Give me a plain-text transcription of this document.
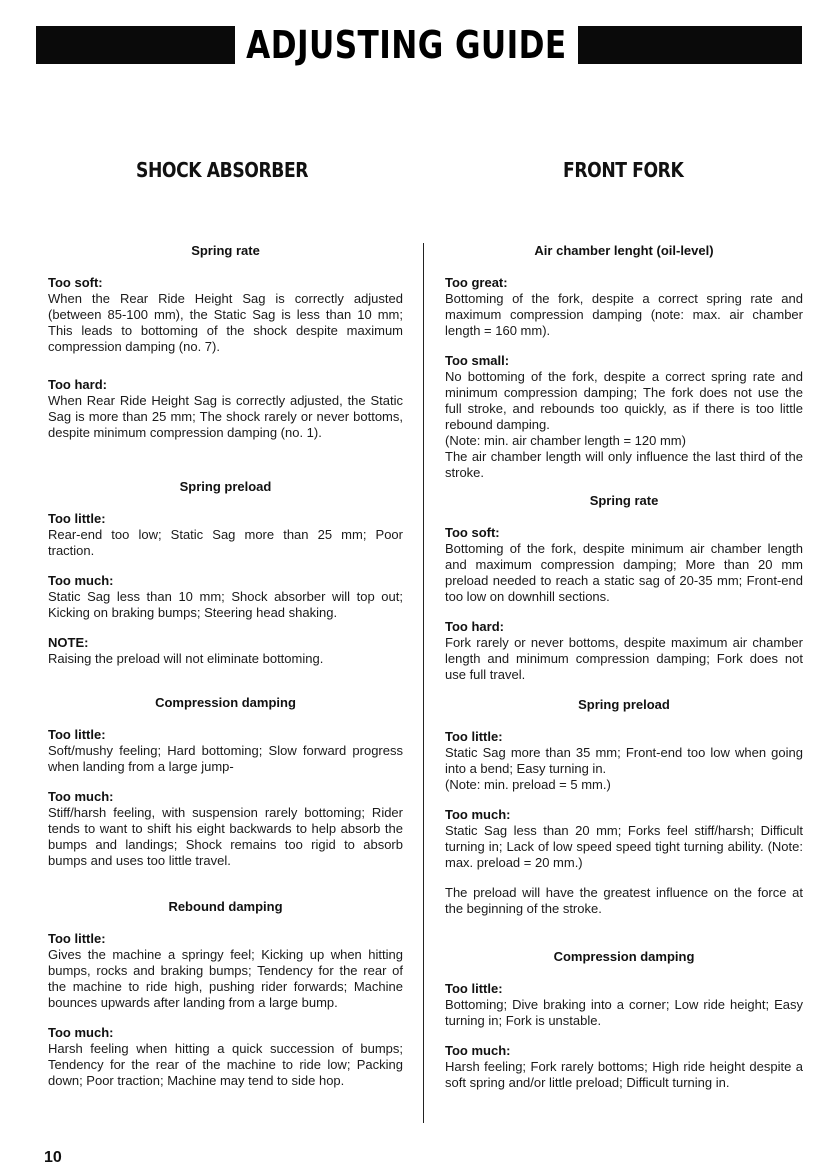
ADJUSTING GUIDE
SHOCK ABSORBER	FRONT FORK
Spring rate

Too soft:

When the Rear Ride Height Sag is correctly adjusted (between 85-100 mm), the Static Sag is less than 10 mm; This leads to bottoming of the shock despite maximum compression damping (no. 7).

Too hard:

When Rear Ride Height Sag is correctly adjusted, the Static Sag is more than 25 mm; The shock rarely or never bottoms, despite minimum compression damping (no. 1).

Spring preload

Too little:

Rear-end too low; Static Sag more than 25 mm; Poor traction.

Too much:

Static Sag less than 10 mm; Shock absorber will top out; Kicking on braking bumps; Steering head shaking.

NOTE:

Raising the preload will not eliminate bottoming.

Compression damping

Too little:

Soft/mushy feeling; Hard bottoming; Slow forward progress when landing from a large jump-

Too much:

Stiff/harsh feeling, with suspension rarely bottoming; Rider tends to want to shift his eight backwards to help absorb the bumps and landings; Shock remains too rigid to absorb bumps and uses too little travel.

Rebound damping

Too little:

Gives the machine a springy feel; Kicking up when hitting bumps, rocks and braking bumps; Tendency for the rear of the machine to ride high, pushing rider forwards; Machine bounces upwards after landing from a large bump.

Too much:

Harsh feeling when hitting a quick succession of bumps; Tendency for the rear of the machine to ride low; Packing down; Poor traction; Machine may tend to side hop.

Air chamber lenght (oil-level)

Too great:

Bottoming of the fork, despite a correct spring rate and maximum compression damping (note: max. air chamber length = 160 mm).

Too small:

No bottoming of the fork, despite a correct spring rate and minimum compression damping; The fork does not use the full stroke, and rebounds too quickly, as if there is too little rebound damping.

(Note: min. air chamber length = 120 mm)

The air chamber length will only influence the last third of the stroke.

Spring rate

Too soft:

Bottoming of the fork, despite minimum air chamber length and maximum compression damping; More than 20 mm preload needed to reach a static sag of 20-35 mm; Front-end too low on downhill sections.

Too hard:

Fork rarely or never bottoms, despite maximum air chamber length and minimum compression damping; Fork does not use full travel.

Spring preload

Too little:

Static Sag more than 35 mm; Front-end too low when going into a bend; Easy turning in.

(Note: min. preload = 5 mm.)

Too much:

Static Sag less than 20 mm; Forks feel stiff/harsh; Difficult turning in; Lack of low speed speed tight turning ability. (Note: max. preload = 20 mm.)

The preload will have the greatest influence on the force at the beginning of the stroke.

Compression damping

Too little:

Bottoming; Dive braking into a corner; Low ride height; Easy turning in; Fork is unstable.

Too much:

Harsh feeling; Fork rarely bottoms; High ride height despite a soft spring and/or little preload; Difficult turning in.

10
